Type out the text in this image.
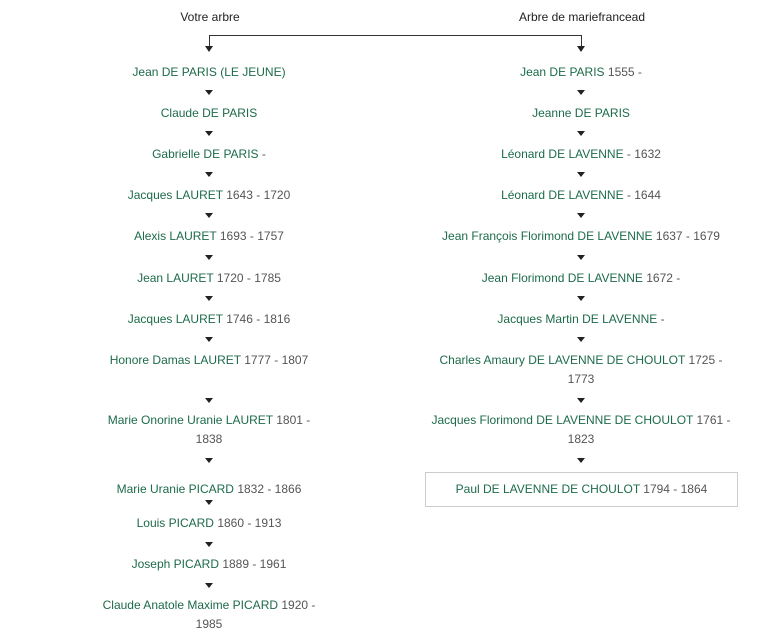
Votre arbre	Arbre de mariefrancead
Jean DE PARIS (LE JEUNE)
Claude DE PARIS
Gabrielle DE PARIS -
Jacques LAURET 1643 - 1720
Alexis LAURET 1693 - 1757
Jean LAURET 1720 - 1785
Jacques LAURET 1746 - 1816
Honore Damas LAURET 1777 - 1807
Marie Onorine Uranie LAURET 1801 - 1838
Marie Uranie PICARD 1832 - 1866
Louis PICARD 1860 - 1913
Joseph PICARD 1889 - 1961
Claude Anatole Maxime PICARD 1920 - 1985
Jean DE PARIS 1555 -
Jeanne DE PARIS
Léonard DE LAVENNE - 1632
Léonard DE LAVENNE - 1644
Jean François Florimond DE LAVENNE 1637 - 1679
Jean Florimond DE LAVENNE 1672 -
Jacques Martin DE LAVENNE -
Charles Amaury DE LAVENNE DE CHOULOT 1725 - 1773
Jacques Florimond DE LAVENNE DE CHOULOT 1761 - 1823
Paul DE LAVENNE DE CHOULOT 1794 - 1864
